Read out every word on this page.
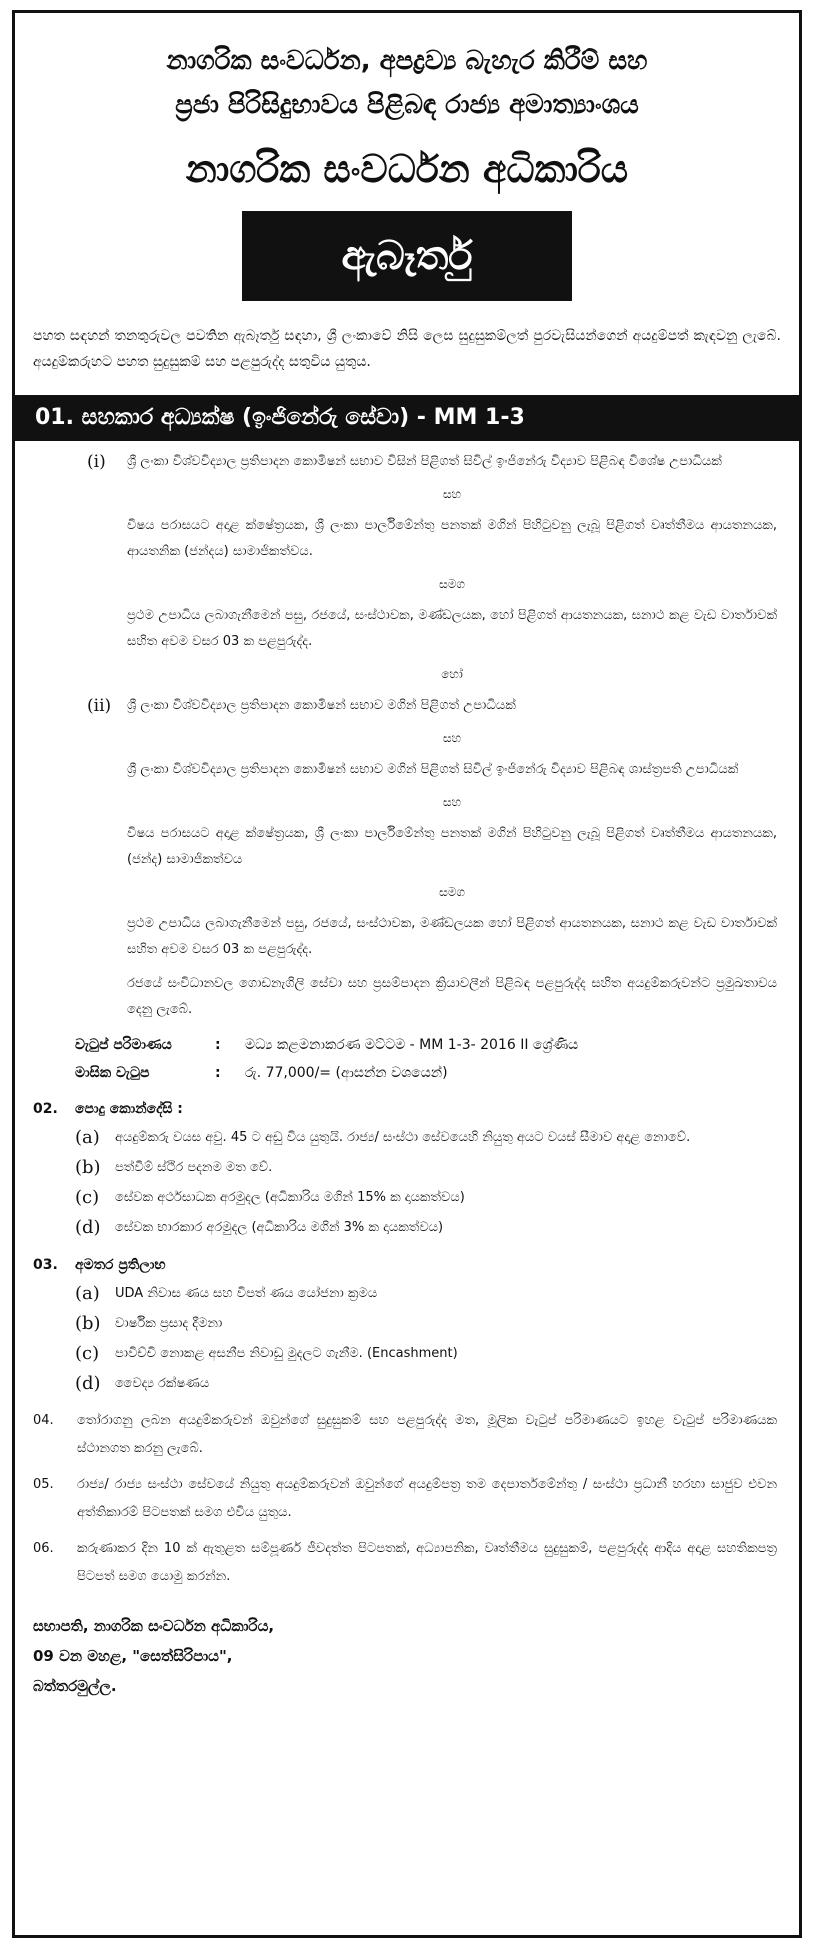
නාගරික සංවර්ධන, අපද්‍රව්‍ය බැහැර කිරීම් සහ
ප්‍රජා පිරිසිදුභාවය පිළිබඳ රාජ්‍ය අමාත්‍යාංශය
නාගරික සංවර්ධන අධිකාරිය
ඇබෑර්තු
පහත සඳහන් තනතුරුවල පවතින ඇබෑර්තු සඳහා, ශ්‍රී ලංකාවේ නිසි ලෙස සුදුසුකම්ලත් පුරවැසියන්ගෙන් අයදුම්පත් කැඳවනු ලැබේ. අයදුම්කරුහට පහත සුදුසුකම් සහ පළපුරුද්ද සතුවිය යුතුය.
01. සහකාර අධ්‍යක්ෂ (ඉංජිනේරු සේවා) - MM 1-3
(i) ශ්‍රී ලංකා විශ්වවිද්‍යාල ප්‍රතිපාදන කොමිෂන් සභාව විසින් පිළිගත් සිවිල් ඉංජිනේරු විද්‍යාව පිළිබඳ විශේෂ උපාධියක්
සහ
විෂය පරාසයට අදාළ ක්ෂේත්‍රයක, ශ්‍රී ලංකා පාර්ලිමේන්තු පනතක් මගින් පිහිටුවනු ලැබූ පිළිගත් වෘත්තීමය ආයතනයක, ආයතනික (ජන්දය) සාමාජිකත්වය.
සමග
ප්‍රථම උපාධිය ලබාගැනීමෙන් පසු, රජයේ, සංස්ථාවක, මණ්ඩලයක, හෝ පිළිගත් ආයතනයක, සනාථ කළ වැඩ වාර්තාවක් සහිත අවම වසර 03 ක පළපුරුද්ද.
හෝ
(ii) ශ්‍රී ලංකා විශ්වවිද්‍යාල ප්‍රතිපාදන කොමිෂන් සභාව මගින් පිළිගත් උපාධියක්
සහ
ශ්‍රී ලංකා විශ්වවිද්‍යාල ප්‍රතිපාදන කොමිෂන් සභාව මගින් පිළිගත් සිවිල් ඉංජිනේරු විද්‍යාව පිළිබඳ ශාස්ත්‍රපති උපාධියක්
සහ
විෂය පරාසයට අදාළ ක්ෂේත්‍රයක, ශ්‍රී ලංකා පාර්ලිමේන්තු පනතක් මගින් පිහිටුවනු ලැබූ පිළිගත් වෘත්තීමය ආයතනයක, (ජන්ද) සාමාජිකත්වය
සමග
ප්‍රථම උපාධිය ලබාගැනීමෙන් පසු, රජයේ, සංස්ථාවක, මණ්ඩලයක හෝ පිළිගත් ආයතනයක, සනාථ කළ වැඩ වාර්තාවක් සහිත අවම වසර 03 ක පළපුරුද්ද.
රජයේ සංවිධානවල ගොඩනැගිලි සේවා සහ ප්‍රසම්පාදන ක්‍රියාවලීන් පිළිබඳ පළපුරුද්ද සහිත අයදුම්කරුවන්ට ප්‍රමුඛතාවය දෙනු ලැබේ.
වැටුප් පරිමාණය	:	මධ්‍ය කළමනාකරණ මට්ටම - MM 1-3- 2016 II ශ්‍රේණිය
මාසික වැටුප	:	රු. 77,000/= (ආසන්න වශයෙන්)
02.	පොදු කොන්දේසි :
(a) අයදුම්කරු වයස අවු. 45 ට අඩු විය යුතුයි. රාජ්‍ය/ සංස්ථා සේවයෙහි නියුතු අයට වයස් සීමාව අදාළ නොවේ.
(b) පත්වීම් ස්ථිර පදනම මත වේ.
(c) සේවක අර්ථසාධක අරමුදල (අධිකාරිය මගින් 15% ක දායකත්වය)
(d) සේවක භාරකාර අරමුදල (අධිකාරිය මගින් 3% ක දායකත්වය)
03.	අමතර ප්‍රතිලාභ
(a) UDA නිවාස ණය සහ විපත් ණය යෝජනා ක්‍රමය
(b) වාර්ෂික ප්‍රසාද දීමනා
(c) පාවිච්චි නොකළ අසනීප නිවාඩු මුදලට ගැනීම. (Encashment)
(d) වෛද්‍ය රක්ෂණය
04.	තෝරාගනු ලබන අයදුම්කරුවන් ඔවුන්ගේ සුදුසුකම් සහ පළපුරුද්ද මත, මූලික වැටුප් පරිමාණයට ඉහළ වැටුප් පරිමාණයක ස්ථානගත කරනු ලැබේ.
05.	රාජ්‍ය/ රාජ්‍ය සංස්ථා සේවයේ නියුතු අයදුම්කරුවන් ඔවුන්ගේ අයදුම්පත්‍ර තම දෙපාර්තමේන්තු / සංස්ථා ප්‍රධානී හරහා සාජුව එවන අත්තිකාරම් පිටපතක් සමග එවිය යුතුය.
06.	කරුණාකර දින 10 ක් ඇතුළත සම්පූර්ණ ජීවදත්ත පිටපතක්, අධ්‍යාපනික, වෘත්තීමය සුදුසුකම්, පළපුරුද්ද ආදිය අදාළ සහතිකපත්‍ර පිටපත් සමග යොමු කරන්න.
සභාපති, නාගරික සංවර්ධන අධිකාරිය,
09 වන මහළ, "සෙත්සිරිපාය",
බත්තරමුල්ල.
